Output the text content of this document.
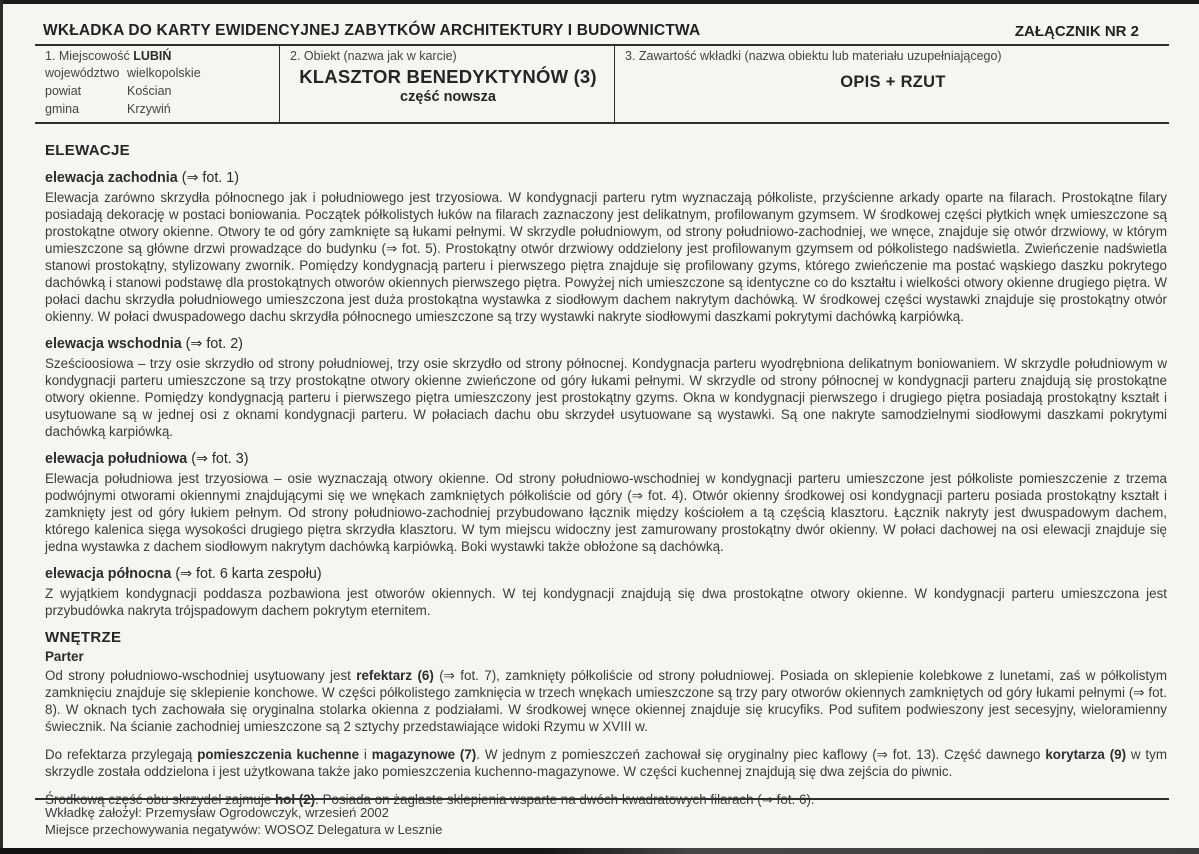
WKŁADKA DO KARTY EWIDENCYJNEJ ZABYTKÓW ARCHITEKTURY I BUDOWNICTWA	ZAŁĄCZNIK NR 2
1. Miejscowość LUBIŃ
województwo wielkopolskie
powiat	Kościan
gmina	Krzywiń
2. Obiekt (nazwa jak w karcie)
KLASZTOR BENEDYKTYNÓW (3)
część nowsza
3. Zawartość wkładki (nazwa obiektu lub materiału uzupełniającego)
OPIS + RZUT
ELEWACJE
elewacja zachodnia (⇒ fot. 1)

Elewacja zarówno skrzydła północnego jak i południowego jest trzyosiowa. W kondygnacji parteru rytm wyznaczają półkoliste, przyścienne arkady oparte na filarach. Prostokątne filary posiadają dekorację w postaci boniowania. Początek półkolistych łuków na filarach zaznaczony jest delikatnym, profilowanym gzymsem. W środkowej części płytkich wnęk umieszczone są prostokątne otwory okienne. Otwory te od góry zamknięte są łukami pełnymi. W skrzydle południowym, od strony południowo-zachodniej, we wnęce, znajduje się otwór drzwiowy, w którym umieszczone są główne drzwi prowadzące do budynku (⇒ fot. 5). Prostokątny otwór drzwiowy oddzielony jest profilowanym gzymsem od półkolistego nadświetla. Zwieńczenie nadświetla stanowi prostokątny, stylizowany zwornik. Pomiędzy kondygnacją parteru i pierwszego piętra znajduje się profilowany gzyms, którego zwieńczenie ma postać wąskiego daszku pokrytego dachówką i stanowi podstawę dla prostokątnych otworów okiennych pierwszego piętra. Powyżej nich umieszczone są identyczne co do kształtu i wielkości otwory okienne drugiego piętra. W połaci dachu skrzydła południowego umieszczona jest duża prostokątna wystawka z siodłowym dachem nakrytym dachówką. W środkowej części wystawki znajduje się prostokątny otwór okienny. W połaci dwuspadowego dachu skrzydła północnego umieszczone są trzy wystawki nakryte siodłowymi daszkami pokrytymi dachówką karpiówką.

elewacja wschodnia (⇒ fot. 2)

Sześcioosiowa – trzy osie skrzydło od strony południowej, trzy osie skrzydło od strony północnej. Kondygnacja parteru wyodrębniona delikatnym boniowaniem. W skrzydle południowym w kondygnacji parteru umieszczone są trzy prostokątne otwory okienne zwieńczone od góry łukami pełnymi. W skrzydle od strony północnej w kondygnacji parteru znajdują się prostokątne otwory okienne. Pomiędzy kondygnacją parteru i pierwszego piętra umieszczony jest prostokątny gzyms. Okna w kondygnacji pierwszego i drugiego piętra posiadają prostokątny kształt i usytuowane są w jednej osi z oknami kondygnacji parteru. W połaciach dachu obu skrzydeł usytuowane są wystawki. Są one nakryte samodzielnymi siodłowymi daszkami pokrytymi dachówką karpiówką.

elewacja południowa (⇒ fot. 3)

Elewacja południowa jest trzyosiowa – osie wyznaczają otwory okienne. Od strony południowo-wschodniej w kondygnacji parteru umieszczone jest półkoliste pomieszczenie z trzema podwójnymi otworami okiennymi znajdującymi się we wnękach zamkniętych półkoliście od góry (⇒ fot. 4). Otwór okienny środkowej osi kondygnacji parteru posiada prostokątny kształt i zamknięty jest od góry łukiem pełnym. Od strony południowo-zachodniej przybudowano łącznik między kościołem a tą częścią klasztoru. Łącznik nakryty jest dwuspadowym dachem, którego kalenica sięga wysokości drugiego piętra skrzydła klasztoru. W tym miejscu widoczny jest zamurowany prostokątny dwór okienny. W połaci dachowej na osi elewacji znajduje się jedna wystawka z dachem siodłowym nakrytym dachówką karpiówką. Boki wystawki także obłożone są dachówką.

elewacja północna (⇒ fot. 6 karta zespołu)

Z wyjątkiem kondygnacji poddasza pozbawiona jest otworów okiennych. W tej kondygnacji znajdują się dwa prostokątne otwory okienne. W kondygnacji parteru umieszczona jest przybudówka nakryta trójspadowym dachem pokrytym eternitem.

WNĘTRZE
Parter

Od strony południowo-wschodniej usytuowany jest refektarz (6) (⇒ fot. 7), zamknięty półkoliście od strony południowej. Posiada on sklepienie kolebkowe z lunetami, zaś w półkolistym zamknięciu znajduje się sklepienie konchowe. W części półkolistego zamknięcia w trzech wnękach umieszczone są trzy pary otworów okiennych zamkniętych od góry łukami pełnymi (⇒ fot. 8). W oknach tych zachowała się oryginalna stolarka okienna z podziałami. W środkowej wnęce okiennej znajduje się krucyfiks. Pod sufitem podwieszony jest secesyjny, wieloramienny świecznik. Na ścianie zachodniej umieszczone są 2 sztychy przedstawiające widoki Rzymu w XVIII w.

Do refektarza przylegają pomieszczenia kuchenne i magazynowe (7). W jednym z pomieszczeń zachował się oryginalny piec kaflowy (⇒ fot. 13). Część dawnego korytarza (9) w tym skrzydle została oddzielona i jest użytkowana także jako pomieszczenia kuchenno-magazynowe. W części kuchennej znajdują się dwa zejścia do piwnic.

Środkową część obu skrzydeł zajmuje hol (2). Posiada on żaglaste sklepienia wsparte na dwóch kwadratowych filarach (⇒ fot. 6).

Wkładkę założył: Przemysław Ogrodowczyk, wrzesień 2002
Miejsce przechowywania negatywów: WOSOZ Delegatura w Lesznie
